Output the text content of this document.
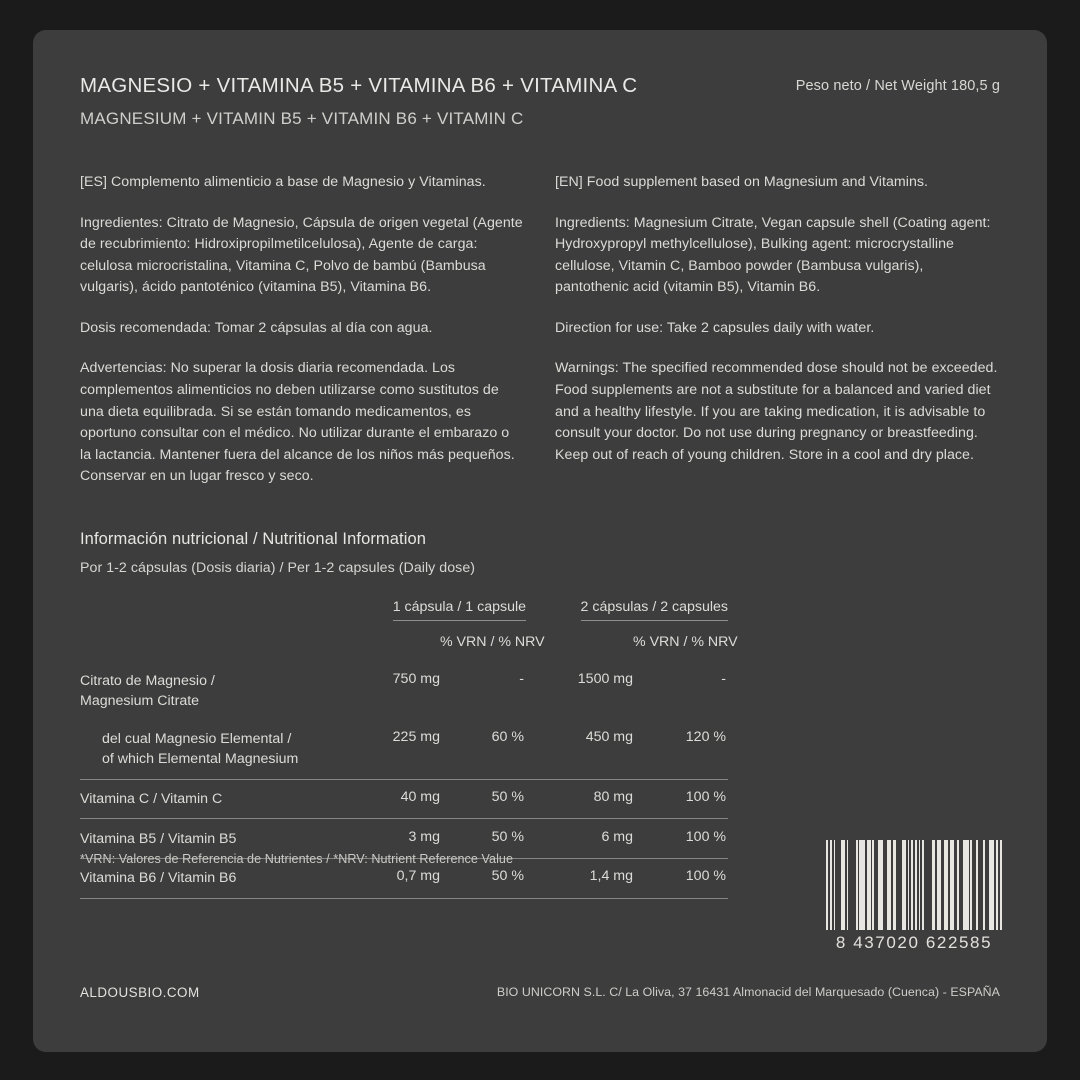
MAGNESIO + VITAMINA B5 + VITAMINA B6 + VITAMINA C
MAGNESIUM + VITAMIN B5 + VITAMIN B6 + VITAMIN C
Peso neto / Net Weight 180,5 g

[ES] Complemento alimenticio a base de Magnesio y Vitaminas.

Ingredientes: Citrato de Magnesio, Cápsula de origen vegetal (Agente de recubrimiento: Hidroxipropilmetilcelulosa), Agente de carga: celulosa microcristalina, Vitamina C, Polvo de bambú (Bambusa vulgaris), ácido pantoténico (vitamina B5), Vitamina B6.

Dosis recomendada: Tomar 2 cápsulas al día con agua.

Advertencias: No superar la dosis diaria recomendada. Los complementos alimenticios no deben utilizarse como sustitutos de una dieta equilibrada. Si se están tomando medicamentos, es oportuno consultar con el médico. No utilizar durante el embarazo o la lactancia. Mantener fuera del alcance de los niños más pequeños. Conservar en un lugar fresco y seco.

[EN] Food supplement based on Magnesium and Vitamins.

Ingredients: Magnesium Citrate, Vegan capsule shell (Coating agent: Hydroxypropyl methylcellulose), Bulking agent: microcrystalline cellulose, Vitamin C, Bamboo powder (Bambusa vulgaris), pantothenic acid (vitamin B5), Vitamin B6.

Direction for use: Take 2 capsules daily with water.

Warnings: The specified recommended dose should not be exceeded. Food supplements are not a substitute for a balanced and varied diet and a healthy lifestyle. If you are taking medication, it is advisable to consult your doctor. Do not use during pregnancy or breastfeeding. Keep out of reach of young children. Store in a cool and dry place.

Información nutricional / Nutritional Information
Por 1-2 cápsulas (Dosis diaria) / Per 1-2 capsules (Daily dose)
	1 cápsula / 1 capsule		2 cápsulas / 2 capsules	
		% VRN / % NRV		% VRN / % NRV
Citrato de Magnesio /
Magnesium Citrate	750 mg	-	1500 mg	-

del cual Magnesio Elemental /
of which Elemental Magnesium	225 mg	60 %	450 mg	120 %

Vitamina C / Vitamin C	40 mg	50 %	80 mg	100 %

Vitamina B5 / Vitamin B5	3 mg	50 %	6 mg	100 %

Vitamina B6 / Vitamin B6	0,7 mg	50 %	1,4 mg	100 %

*VRN: Valores de Referencia de Nutrientes / *NRV: Nutrient Reference Value
8 437020 622585
ALDOUSBIO.COM	BIO UNICORN S.L. C/ La Oliva, 37 16431 Almonacid del Marquesado (Cuenca) - ESPAÑA
